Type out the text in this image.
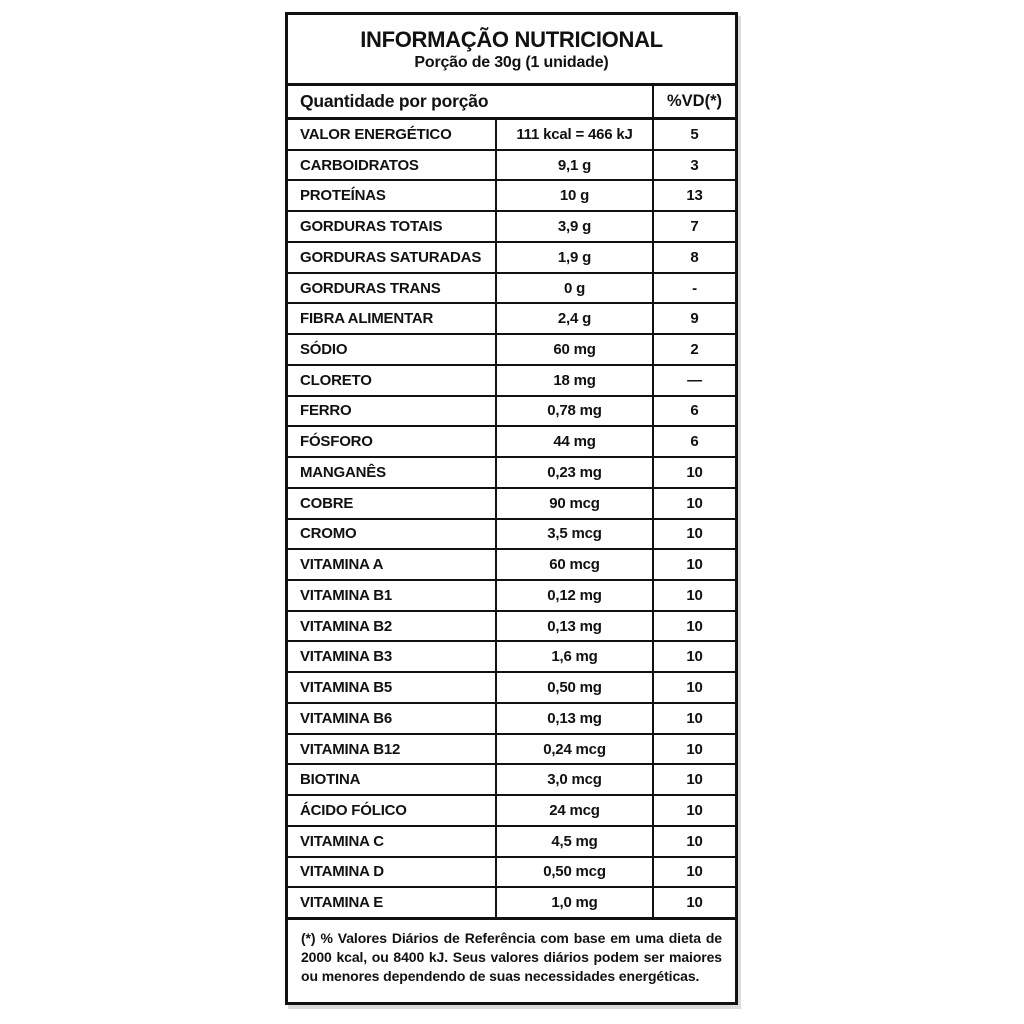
INFORMAÇÃO NUTRICIONAL
Porção de 30g (1 unidade)
Quantidade por porção	%VD(*)
VALOR ENERGÉTICO	111 kcal = 466 kJ	5
CARBOIDRATOS	9,1 g	3
PROTEÍNAS	10 g	13
GORDURAS TOTAIS	3,9 g	7
GORDURAS SATURADAS	1,9 g	8
GORDURAS TRANS	0 g	-
FIBRA ALIMENTAR	2,4 g	9
SÓDIO	60 mg	2
CLORETO	18 mg	—
FERRO	0,78 mg	6
FÓSFORO	44 mg	6
MANGANÊS	0,23 mg	10
COBRE	90 mcg	10
CROMO	3,5 mcg	10
VITAMINA A	60 mcg	10
VITAMINA B1	0,12 mg	10
VITAMINA B2	0,13 mg	10
VITAMINA B3	1,6 mg	10
VITAMINA B5	0,50 mg	10
VITAMINA B6	0,13 mg	10
VITAMINA B12	0,24 mcg	10
BIOTINA	3,0 mcg	10
ÁCIDO FÓLICO	24 mcg	10
VITAMINA C	4,5 mg	10
VITAMINA D	0,50 mcg	10
VITAMINA E	1,0 mg	10
(*) % Valores Diários de Referência com base em uma dieta de 2000 kcal, ou 8400 kJ. Seus valores diários podem ser maiores ou menores dependendo de suas necessidades energéticas.
